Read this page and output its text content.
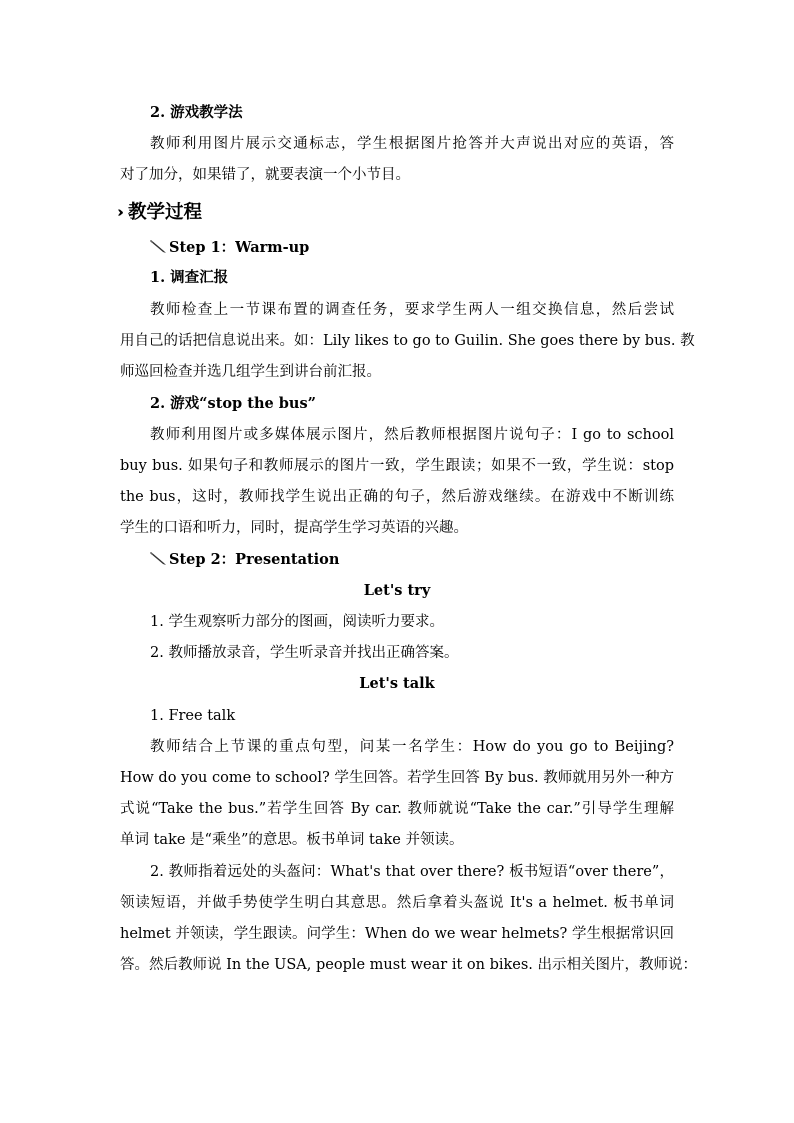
2. 游戏教学法
教师利用图片展示交通标志，学生根据图片抢答并大声说出对应的英语，答
对了加分，如果错了，就要表演一个小节目。
教学过程
Step 1：Warm-up
1. 调查汇报
教师检查上一节课布置的调查任务，要求学生两人一组交换信息，然后尝试
用自己的话把信息说出来。如：Lily likes to go to Guilin. She goes there by bus. 教
师巡回检查并选几组学生到讲台前汇报。
2. 游戏“stop the bus”
教师利用图片或多媒体展示图片，然后教师根据图片说句子：I go to school
buy bus. 如果句子和教师展示的图片一致，学生跟读；如果不一致，学生说：stop
the bus，这时，教师找学生说出正确的句子，然后游戏继续。在游戏中不断训练
学生的口语和听力，同时，提高学生学习英语的兴趣。
Step 2：Presentation
Let's try
1. 学生观察听力部分的图画，阅读听力要求。
2. 教师播放录音，学生听录音并找出正确答案。
Let's talk
1. Free talk
教师结合上节课的重点句型，问某一名学生：How do you go to Beijing?
How do you come to school? 学生回答。若学生回答 By bus. 教师就用另外一种方
式说“Take the bus.”若学生回答 By car. 教师就说“Take the car.”引导学生理解
单词 take 是“乘坐”的意思。板书单词 take 并领读。
2. 教师指着远处的头盔问：What's that over there? 板书短语“over there”，
领读短语，并做手势使学生明白其意思。然后拿着头盔说 It's a helmet. 板书单词
helmet 并领读，学生跟读。问学生：When do we wear helmets? 学生根据常识回
答。然后教师说 In the USA, people must wear it on bikes. 出示相关图片，教师说：
